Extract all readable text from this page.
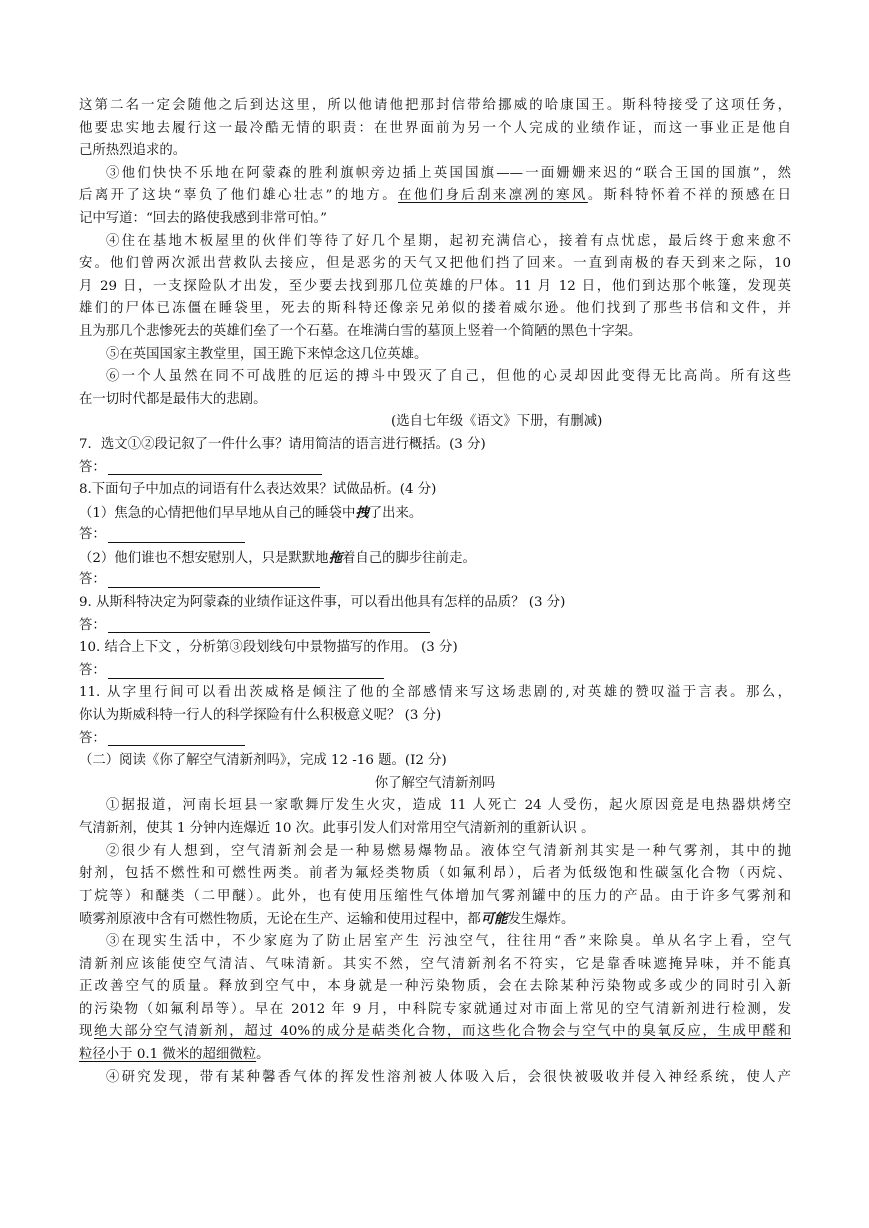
这第二名一定会随他之后到达这里，所以他请他把那封信带给挪威的哈康国王。斯科特接受了这项任务，
他要忠实地去履行这一最冷酷无情的职责：在世界面前为另一个人完成的业绩作证，而这一事业正是他自
己所热烈追求的。
③他们快快不乐地在阿蒙森的胜利旗帜旁边插上英国国旗——一面姗姗来迟的“联合王国的国旗”，然
后离开了这块“辜负了他们雄心壮志”的地方。在他们身后刮来凛冽的寒风。斯科特怀着不祥的预感在日
记中写道：“回去的路使我感到非常可怕。”
④住在基地木板屋里的伙伴们等待了好几个星期，起初充满信心，接着有点忧虑，最后终于愈来愈不
安。他们曾两次派出营救队去接应，但是恶劣的天气又把他们挡了回来。一直到南极的春天到来之际，10
月 29 日，一支探险队才出发，至少要去找到那几位英雄的尸体。11 月 12 日，他们到达那个帐篷，发现英
雄们的尸体已冻僵在睡袋里，死去的斯科特还像亲兄弟似的搂着威尔逊。他们找到了那些书信和文件，并
且为那几个悲惨死去的英雄们垒了一个石墓。在堆满白雪的墓顶上竖着一个简陋的黑色十字架。
⑤在英国国家主教堂里，国王跪下来悼念这几位英雄。
⑥一个人虽然在同不可战胜的厄运的搏斗中毁灭了自己，但他的心灵却因此变得无比高尚。所有这些
在一切时代都是最伟大的悲剧。
(选自七年级《语文》下册，有删减)
7．选文①②段记叙了一件什么事？请用简洁的语言进行概括。(3 分)
答：
8.下面句子中加点的词语有什么表达效果？试做品析。(4 分)
（1）焦急的心情把他们早早地从自己的睡袋中拽了出来。
答：
（2）他们谁也不想安慰别人，只是默默地拖着自己的脚步往前走。
答：
9. 从斯科特决定为阿蒙森的业绩作证这件事，可以看出他具有怎样的品质？ (3 分)
答：
10. 结合上下文 ，分析第③段划线句中景物描写的作用。 (3 分)
答：
11. 从字里行间可以看出茨威格是倾注了他的全部感情来写这场悲剧的,对英雄的赞叹溢于言表。那么，
你认为斯威科特一行人的科学探险有什么积极意义呢？ (3 分)
答：
（二）阅读《你了解空气清新剂吗》，完成 12 -16 题。(I2 分)
你了解空气清新剂吗
①据报道，河南长垣县一家歌舞厅发生火灾，造成 11 人死亡 24 人受伤，起火原因竟是电热器烘烤空
气清新剂，使其 1 分钟内连爆近 10 次。此事引发人们对常用空气清新剂的重新认识 。
②很少有人想到，空气清新剂会是一种易燃易爆物品。液体空气清新剂其实是一种气雾剂，其中的抛
射剂，包括不燃性和可燃性两类。前者为氟烃类物质（如氟利昂），后者为低级饱和性碳氢化合物（丙烷、
丁烷等）和醚类（二甲醚）。此外，也有使用压缩性气体增加气雾剂罐中的压力的产品。由于许多气雾剂和
喷雾剂原液中含有可燃性物质，无论在生产、运输和使用过程中，都可能发生爆炸。
③在现实生活中，不少家庭为了防止居室产生 污浊空气，往往用“香”来除臭。单从名字上看，空气
清新剂应该能使空气清洁、气味清新。其实不然，空气清新剂名不符实，它是靠香味遮掩异味，并不能真
正改善空气的质量。释放到空气中，本身就是一种污染物质，会在去除某种污染物或多或少的同时引入新
的污染物（如氟利昂等）。早在 2012 年 9 月，中科院专家就通过对市面上常见的空气清新剂进行检测，发
现绝大部分空气清新剂，超过 40%的成分是萜类化合物，而这些化合物会与空气中的臭氧反应，生成甲醛和
粒径小于 0.1 微米的超细微粒。
④研究发现，带有某种馨香气体的挥发性溶剂被人体吸入后，会很快被吸收并侵入神经系统，使人产
